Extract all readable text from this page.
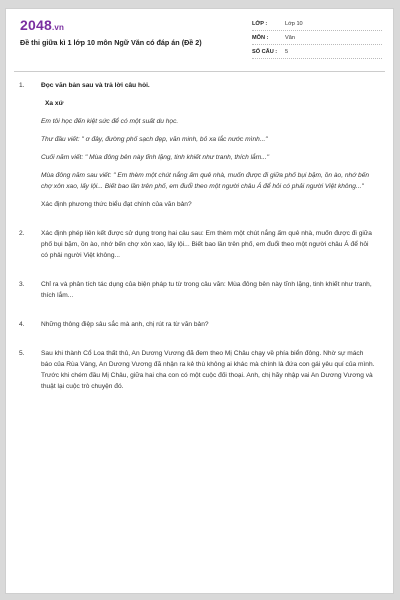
2048.vn
Đề thi giữa kì 1 lớp 10 môn Ngữ Văn có đáp án (Đề 2)
LỚP :	Lớp 10
MÔN :	Văn
SỐ CÂU :	5
1.	Đọc văn bản sau và trả lời câu hỏi.
Xa xứ
Em tôi học đến kiệt sức để có một suất du học.
Thư đầu viết: " ơ đây, đường phố sạch đẹp, văn minh, bỏ xa lắc nước mình..."
Cuối năm viết: " Mùa đông bên này tĩnh lặng, tinh khiết như tranh, thích lắm..."
Mùa đông năm sau viết: " Em thèm một chút nắng ấm quê nhà, muốn được đi giữa phố bụi bặm, ồn ào, nhớ bến chợ xôn xao, lấy lội... Biết bao lần trên phố, em đuổi theo một người châu Á để hỏi có phải người Việt không..."
Xác định phương thức biểu đạt chính của văn bản?
2.	Xác định phép liên kết được sử dụng trong hai câu sau: Em thèm một chút nắng ấm quê nhà, muốn được đi giữa phố bụi bặm, ồn ào, nhớ bến chợ xôn xao, lấy lội... Biết bao lần trên phố, em đuổi theo một người châu Á để hỏi có phải người Việt không...
3.	Chỉ ra và phân tích tác dụng của biện pháp tu từ trong câu văn: Mùa đông bên này tĩnh lặng, tinh khiết như tranh, thích lắm...
4.	Những thông điệp sâu sắc mà anh, chị rút ra từ văn bản?
5.	Sau khi thành Cổ Loa thất thủ, An Dương Vương đã đem theo Mị Châu chạy về phía biển đông. Nhờ sự mách báo của Rùa Vàng, An Dương Vương đã nhận ra kẻ thù không ai khác mà chính là đứa con gái yêu quí của mình. Trước khi chém đầu Mị Châu, giữa hai cha con có một cuộc đối thoại. Anh, chị hãy nhập vai An Dương Vương và thuật lại cuộc trò chuyện đó.
